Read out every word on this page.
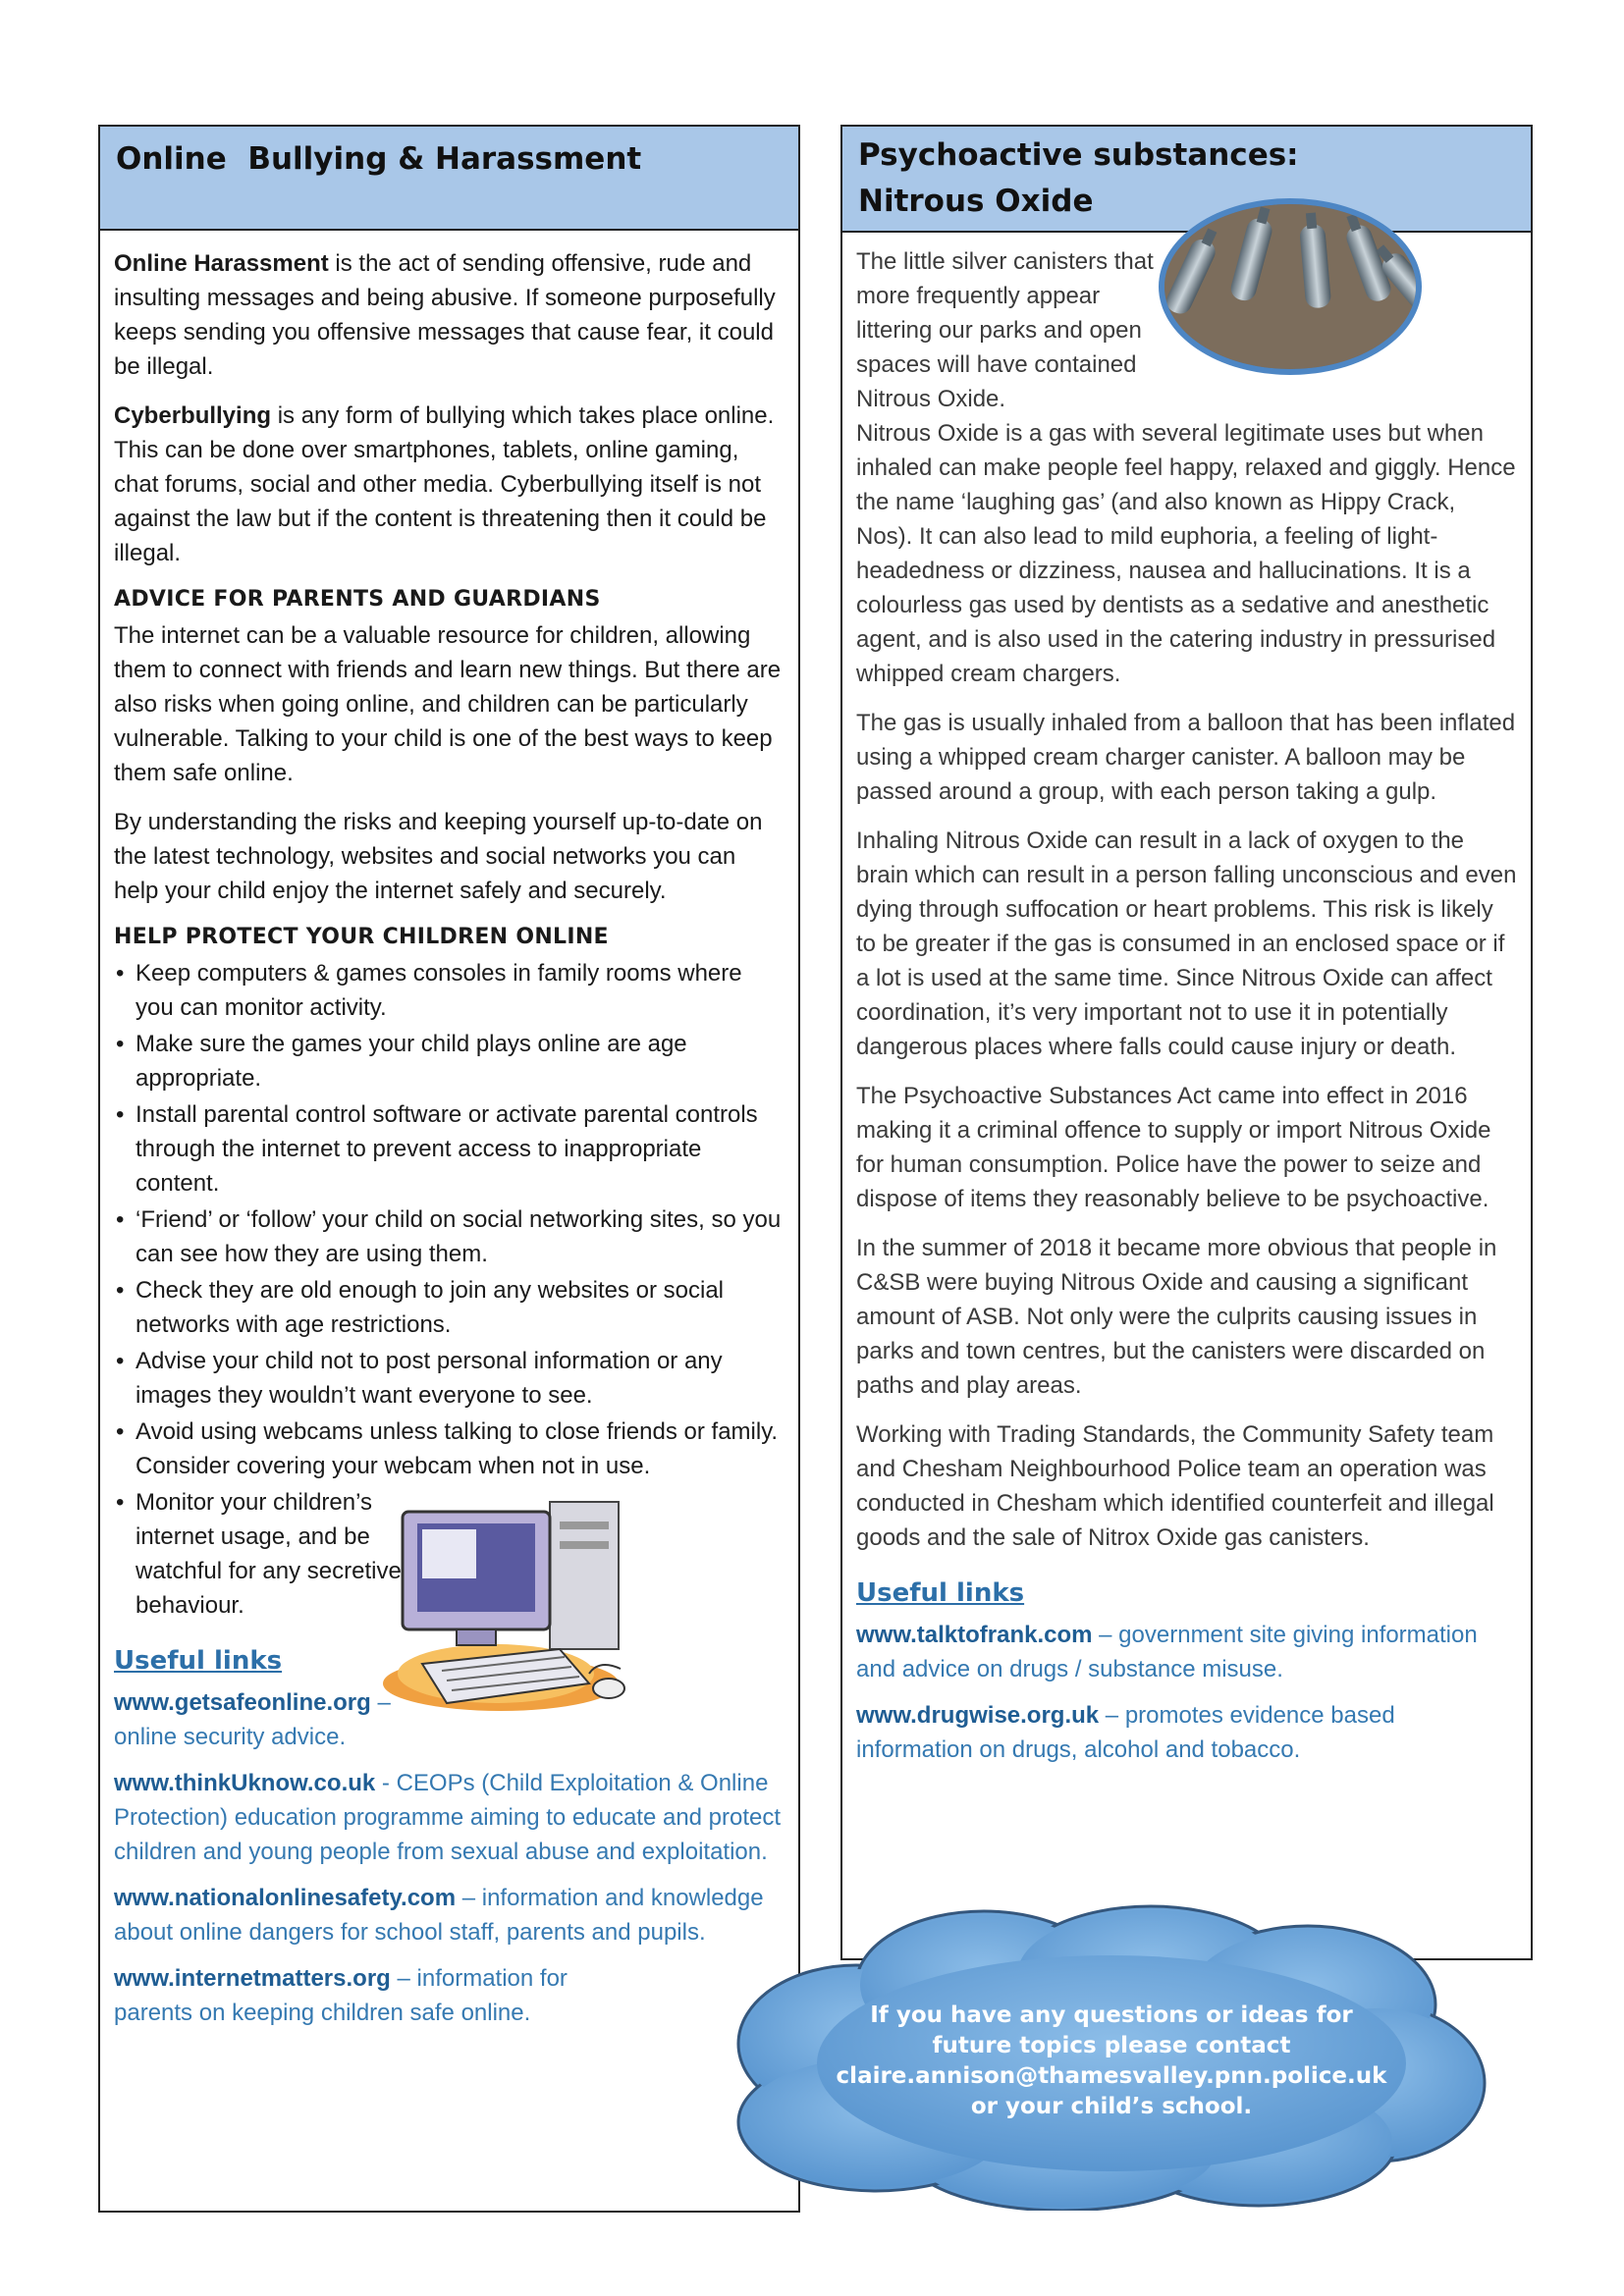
Online  Bullying & Harassment

Online Harassment is the act of sending offensive, rude and insulting messages and being abusive. If someone purposefully keeps sending you offensive messages that cause fear, it could be illegal.

Cyberbullying is any form of bullying which takes place online. This can be done over smartphones, tablets, online gaming, chat forums, social and other media. Cyberbullying itself is not against the law but if the content is threatening then it could be illegal.

ADVICE FOR PARENTS AND GUARDIANS

The internet can be a valuable resource for children, allowing them to connect with friends and learn new things. But there are also risks when going online, and children can be particularly vulnerable. Talking to your child is one of the best ways to keep them safe online.

By understanding the risks and keeping yourself up-to-date on the latest technology, websites and social networks you can help your child enjoy the internet safely and securely.

HELP PROTECT YOUR CHILDREN ONLINE
• Keep computers & games consoles in family rooms where you can monitor activity.
• Make sure the games your child plays online are age appropriate.
• Install parental control software or activate parental controls through the internet to prevent access to inappropriate content.
• ‘Friend’ or ‘follow’ your child on social networking sites, so you can see how they are using them.
• Check they are old enough to join any websites or social networks with age restrictions.
• Advise your child not to post personal information or any images they wouldn’t want everyone to see.
• Avoid using webcams unless talking to close friends or family. Consider covering your webcam when not in use.
• Monitor your children’s internet usage, and be watchful for any secretive behaviour.
Useful links

www.getsafeonline.org – online security advice.

www.thinkUknow.co.uk - CEOPs (Child Exploitation & Online Protection) education programme aiming to educate and protect children and young people from sexual abuse and exploitation.

www.nationalonlinesafety.com – information and knowledge about online dangers for school staff, parents and pupils.

www.internetmatters.org – information for parents on keeping children safe online.

Psychoactive substances:
Nitrous Oxide

The little silver canisters that more frequently appear littering our parks and open spaces will have contained Nitrous Oxide.

Nitrous Oxide is a gas with several legitimate uses but when inhaled can make people feel happy, relaxed and giggly. Hence the name ‘laughing gas’ (and also known as Hippy Crack, Nos). It can also lead to mild euphoria, a feeling of light-headedness or dizziness, nausea and hallucinations. It is a colourless gas used by dentists as a sedative and anesthetic agent, and is also used in the catering industry in pressurised whipped cream chargers.

The gas is usually inhaled from a balloon that has been inflated using a whipped cream charger canister. A balloon may be passed around a group, with each person taking a gulp.

Inhaling Nitrous Oxide can result in a lack of oxygen to the brain which can result in a person falling unconscious and even dying through suffocation or heart problems. This risk is likely to be greater if the gas is consumed in an enclosed space or if a lot is used at the same time. Since Nitrous Oxide can affect coordination, it’s very important not to use it in potentially dangerous places where falls could cause injury or death.

The Psychoactive Substances Act came into effect in 2016 making it a criminal offence to supply or import Nitrous Oxide for human consumption. Police have the power to seize and dispose of items they reasonably believe to be psychoactive.

In the summer of 2018 it became more obvious that people in C&SB were buying Nitrous Oxide and causing a significant amount of ASB. Not only were the culprits causing issues in parks and town centres, but the canisters were discarded on paths and play areas.

Working with Trading Standards, the Community Safety team and Chesham Neighbourhood Police team an operation was conducted in Chesham which identified counterfeit and illegal goods and the sale of Nitrox Oxide gas canisters.

Useful links

www.talktofrank.com – government site giving information and advice on drugs / substance misuse.

www.drugwise.org.uk – promotes evidence based information on drugs, alcohol and tobacco.

If you have any questions or ideas for
future topics please contact
claire.annison@thamesvalley.pnn.police.uk
or your child’s school.
